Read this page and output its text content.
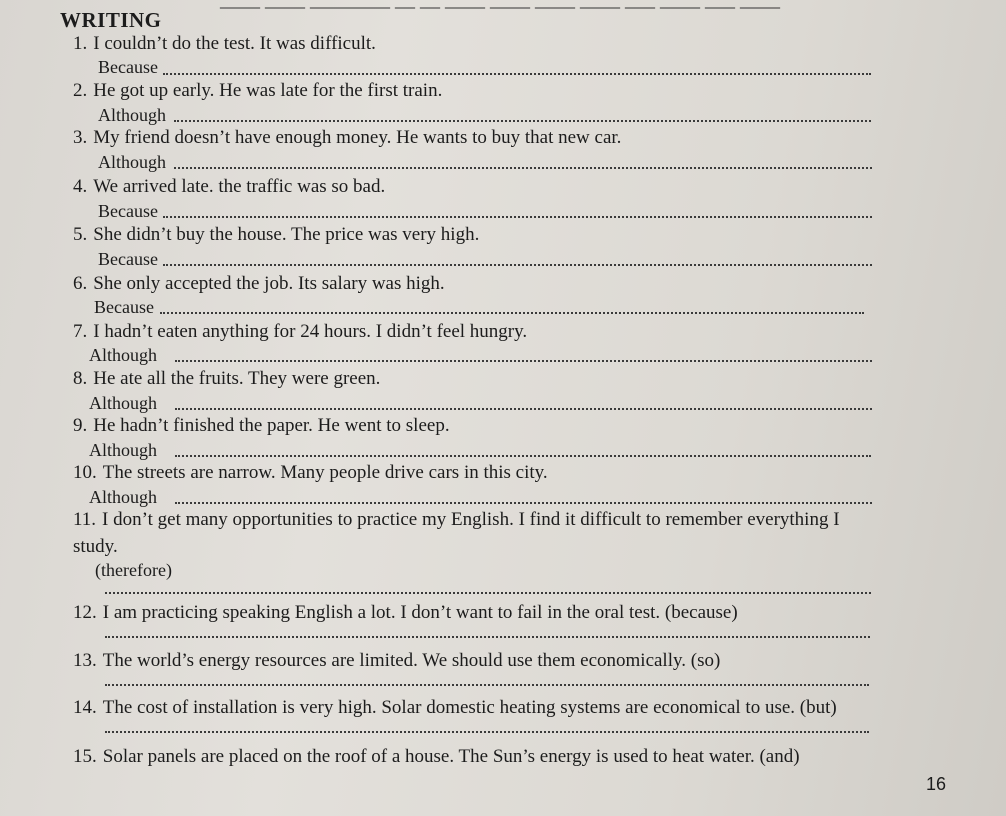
____ ____ ________ __ __ ____ ____ ____ ____ ___ ____ ___ ____
WRITING
1. I couldn’t do the test. It was difficult.
Because
2. He got up early. He was late for the first train.
Although
3. My friend doesn’t have enough money. He wants to buy that new car.
Although
4. We arrived late. the traffic was so bad.
Because
5. She didn’t buy the house. The price was very high.
Because
6. She only accepted the job. Its salary was high.
Because
7. I hadn’t eaten anything for 24 hours. I didn’t feel hungry.
Although
8. He ate all the fruits. They were green.
Although
9. He hadn’t finished the paper. He went to sleep.
Although
10. The streets are narrow. Many people drive cars in this city.
Although
11. I don’t get many opportunities to practice my English. I find it difficult to remember everything I
study.
(therefore)
12. I am practicing speaking English a lot. I don’t want to fail in the oral test. (because)
13. The world’s energy resources are limited. We should use them economically. (so)
14. The cost of installation is very high. Solar domestic heating systems are economical to use. (but)
15. Solar panels are placed on the roof of a house. The Sun’s energy is used to heat water. (and)
16
